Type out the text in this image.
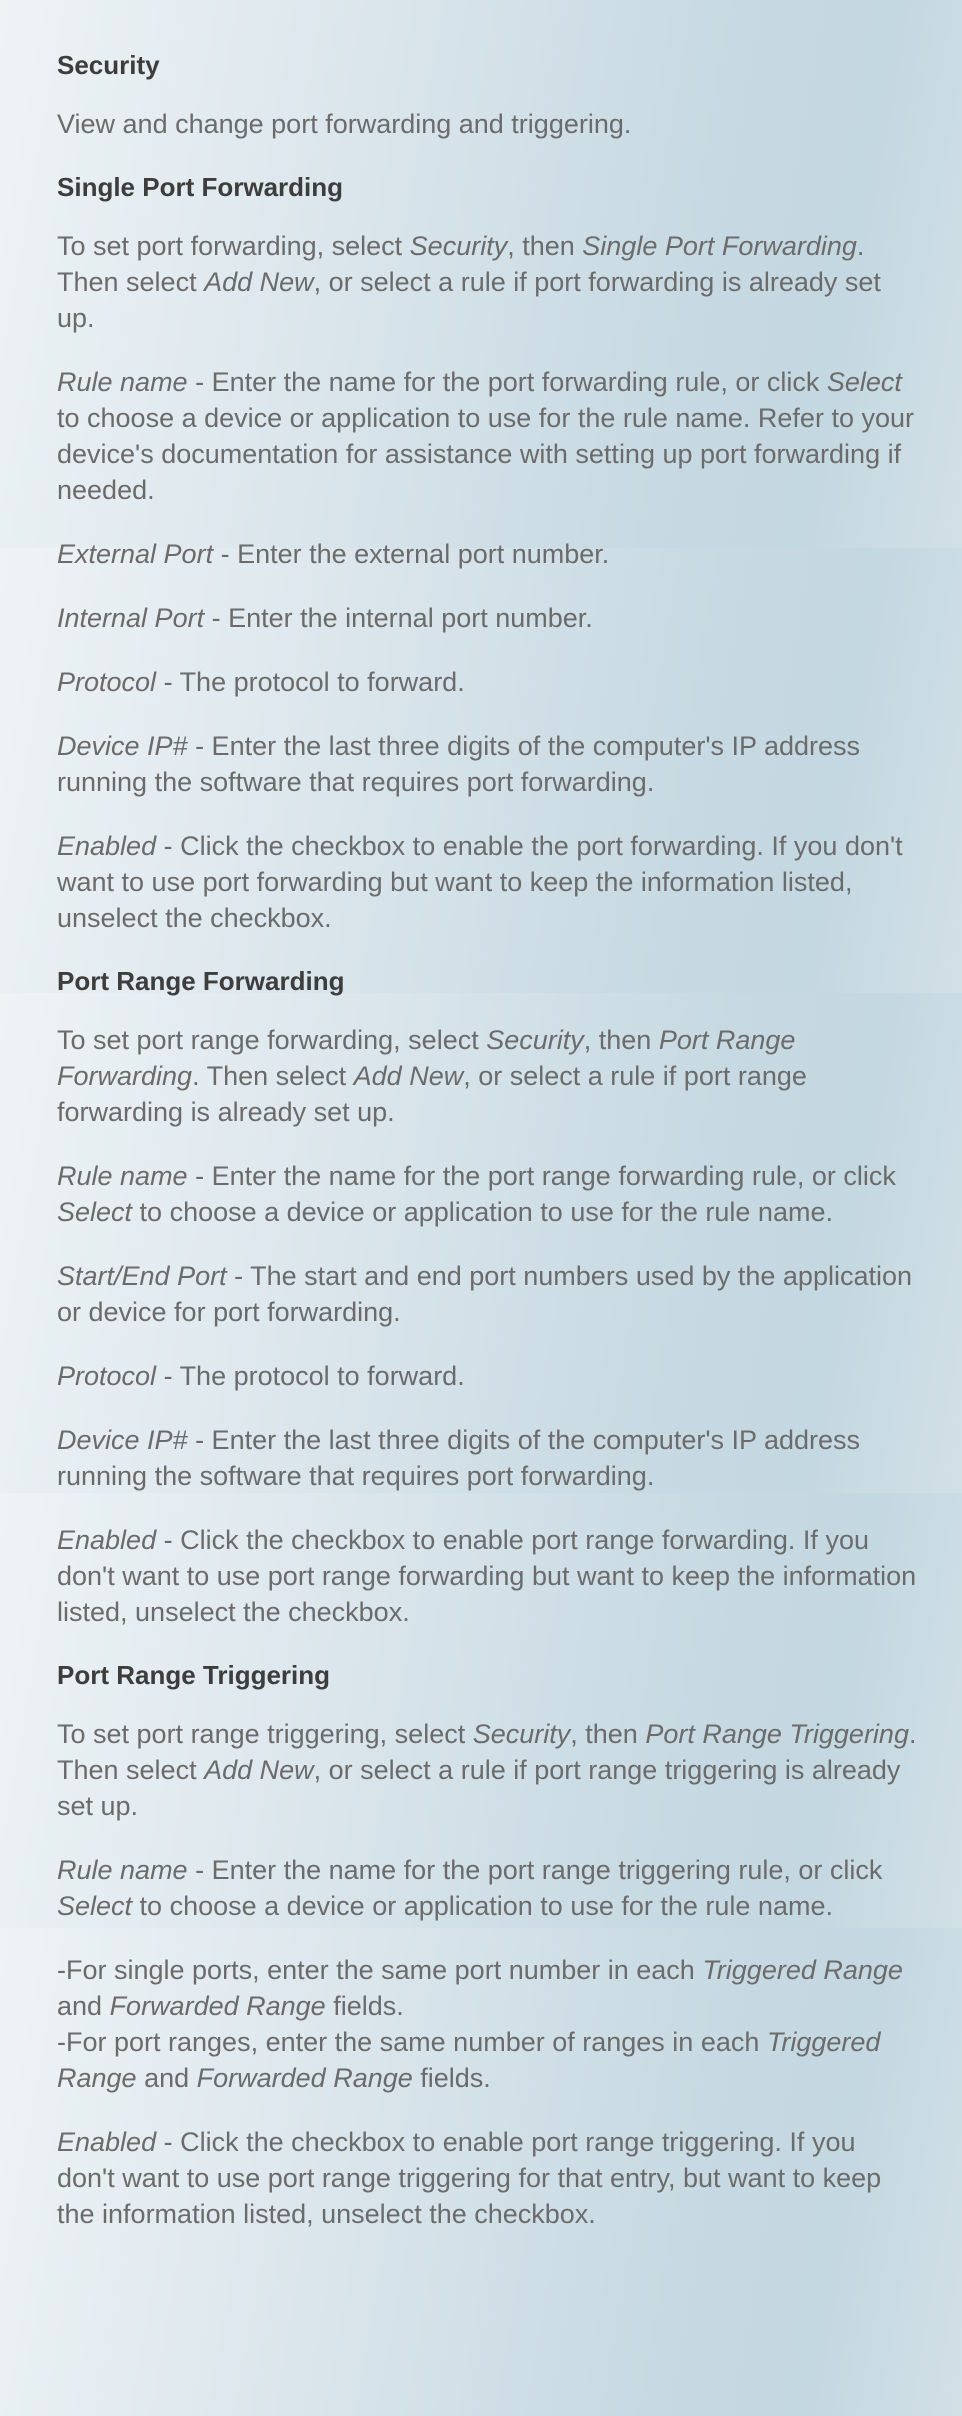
Security

View and change port forwarding and triggering.

Single Port Forwarding

To set port forwarding, select Security, then Single Port Forwarding. Then select Add New, or select a rule if port forwarding is already set up.

Rule name - Enter the name for the port forwarding rule, or click Select to choose a device or application to use for the rule name. Refer to your device's documentation for assistance with setting up port forwarding if needed.

External Port - Enter the external port number.

Internal Port - Enter the internal port number.

Protocol - The protocol to forward.

Device IP# - Enter the last three digits of the computer's IP address running the software that requires port forwarding.

Enabled - Click the checkbox to enable the port forwarding. If you don't want to use port forwarding but want to keep the information listed, unselect the checkbox.

Port Range Forwarding

To set port range forwarding, select Security, then Port Range Forwarding. Then select Add New, or select a rule if port range forwarding is already set up.

Rule name - Enter the name for the port range forwarding rule, or click Select to choose a device or application to use for the rule name.

Start/End Port - The start and end port numbers used by the application or device for port forwarding.

Protocol - The protocol to forward.

Device IP# - Enter the last three digits of the computer's IP address running the software that requires port forwarding.

Enabled - Click the checkbox to enable port range forwarding. If you don't want to use port range forwarding but want to keep the information listed, unselect the checkbox.

Port Range Triggering

To set port range triggering, select Security, then Port Range Triggering. Then select Add New, or select a rule if port range triggering is already set up.

Rule name - Enter the name for the port range triggering rule, or click Select to choose a device or application to use for the rule name.

-For single ports, enter the same port number in each Triggered Range and Forwarded Range fields.
-For port ranges, enter the same number of ranges in each Triggered Range and Forwarded Range fields.

Enabled - Click the checkbox to enable port range triggering. If you don't want to use port range triggering for that entry, but want to keep the information listed, unselect the checkbox.
